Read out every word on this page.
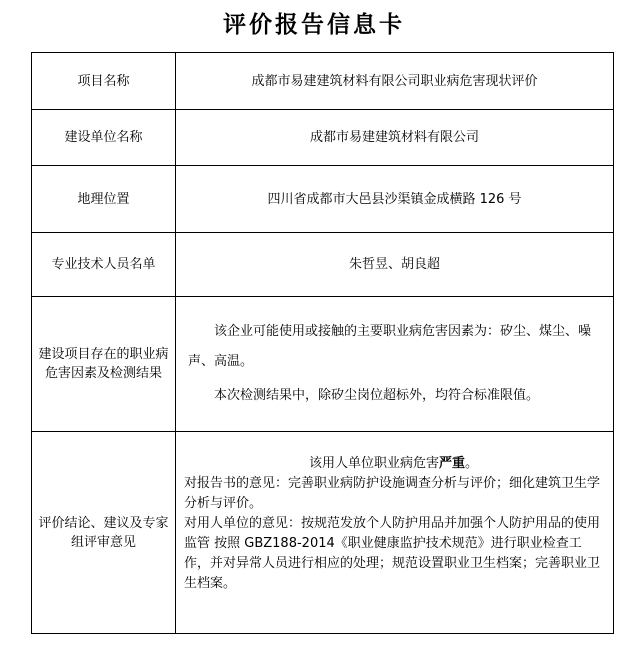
评价报告信息卡
项目名称	成都市易建建筑材料有限公司职业病危害现状评价
建设单位名称	成都市易建建筑材料有限公司
地理位置	四川省成都市大邑县沙渠镇金成横路 126 号
专业技术人员名单	朱哲昱、胡良超
建设项目存在的职业病危害因素及检测结果	该企业可能使用或接触的主要职业病危害因素为：矽尘、煤尘、噪声、高温。

本次检测结果中，除矽尘岗位超标外，均符合标准限值。

评价结论、建议及专家组评审意见	该用人单位职业病危害严重。

对报告书的意见：完善职业病防护设施调查分析与评价；细化建筑卫生学分析与评价。

对用人单位的意见：按规范发放个人防护用品并加强个人防护用品的使用监管 按照 GBZ188-2014《职业健康监护技术规范》进行职业检查工作，并对异常人员进行相应的处理；规范设置职业卫生档案；完善职业卫生档案。
